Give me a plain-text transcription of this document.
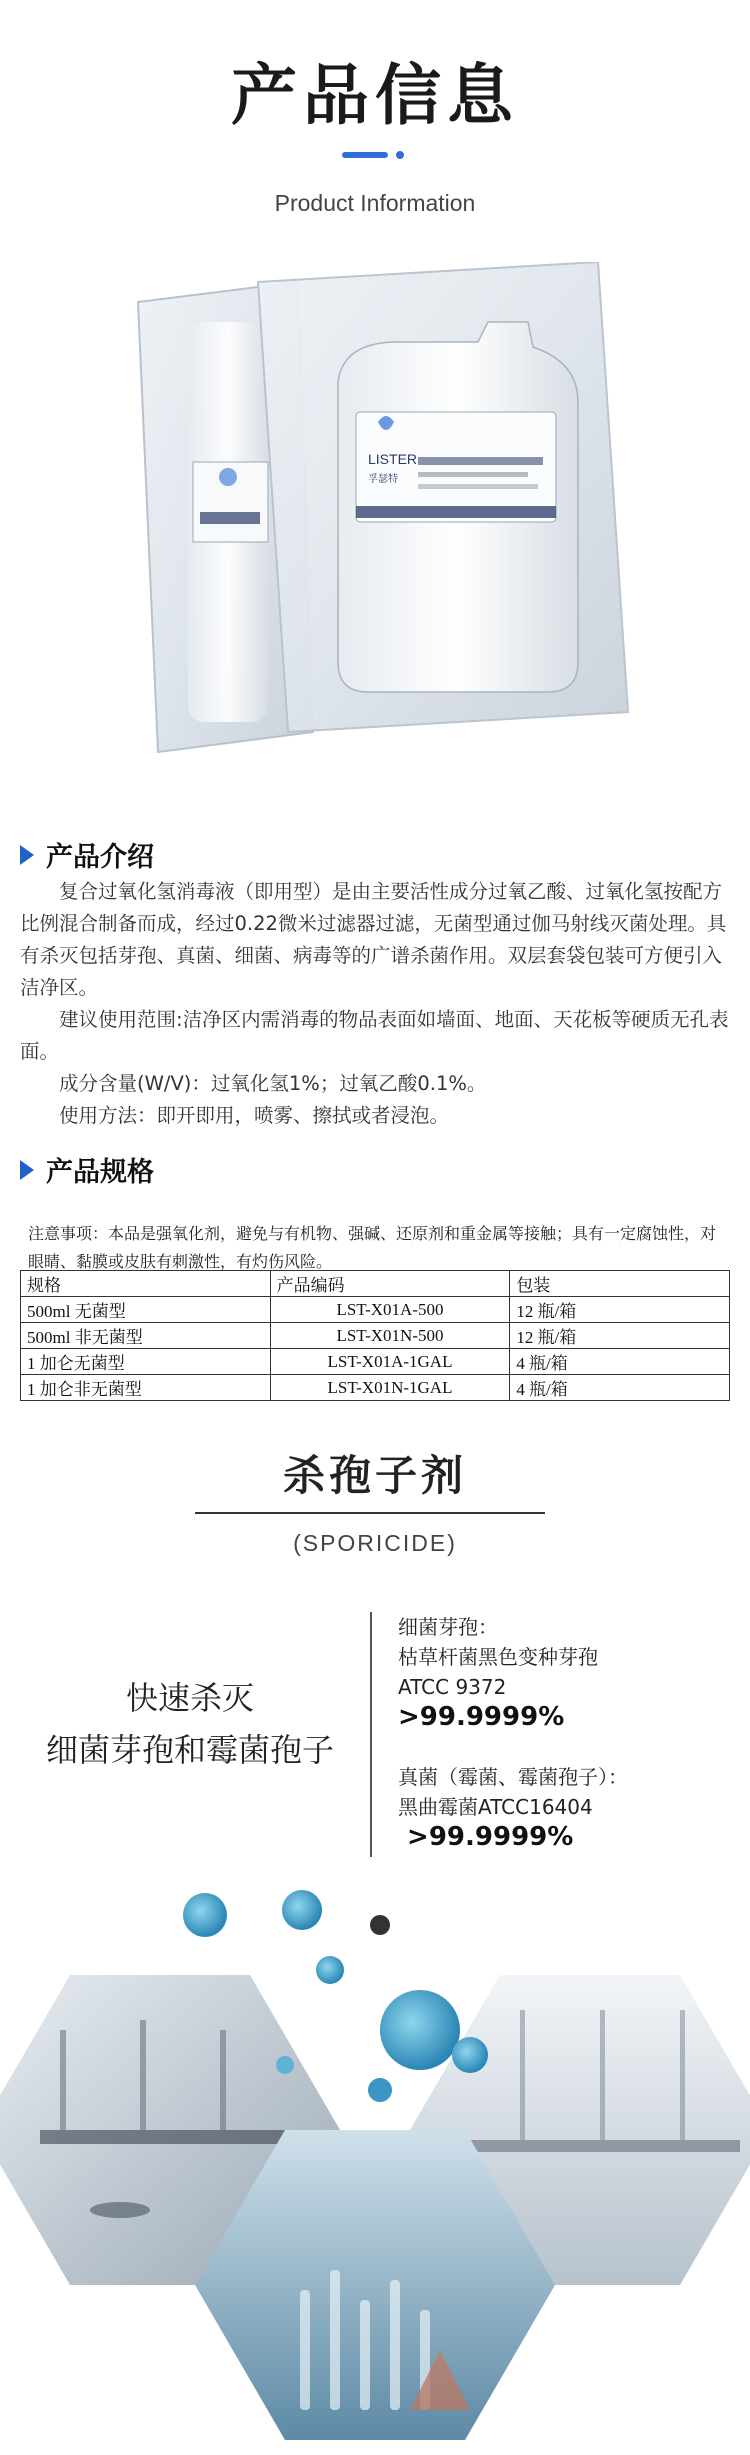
产品信息
Product Information
LISTER
孚瑟特
产品介绍

复合过氧化氢消毒液（即用型）是由主要活性成分过氧乙酸、过氧化氢按配方比例混合制备而成，经过0.22微米过滤器过滤，无菌型通过伽马射线灭菌处理。具有杀灭包括芽孢、真菌、细菌、病毒等的广谱杀菌作用。双层套袋包装可方便引入洁净区。

建议使用范围:洁净区内需消毒的物品表面如墙面、地面、天花板等硬质无孔表面。

成分含量(W/V)：过氧化氢1%；过氧乙酸0.1%。

使用方法：即开即用，喷雾、擦拭或者浸泡。

产品规格
注意事项：本品是强氧化剂，避免与有机物、强碱、还原剂和重金属等接触；具有一定腐蚀性，对眼睛、黏膜或皮肤有刺激性，有灼伤风险。
规格	产品编码	包装
500ml 无菌型	LST-X01A-500	12 瓶/箱
500ml 非无菌型	LST-X01N-500	12 瓶/箱
1 加仑无菌型	LST-X01A-1GAL	4 瓶/箱
1 加仑非无菌型	LST-X01N-1GAL	4 瓶/箱
杀孢子剂
(SPORICIDE)
快速杀灭
细菌芽孢和霉菌孢子
细菌芽孢：
枯草杆菌黑色变种芽孢
ATCC 9372
>99.9999%
真菌（霉菌、霉菌孢子）：
黑曲霉菌ATCC16404
>99.9999%
